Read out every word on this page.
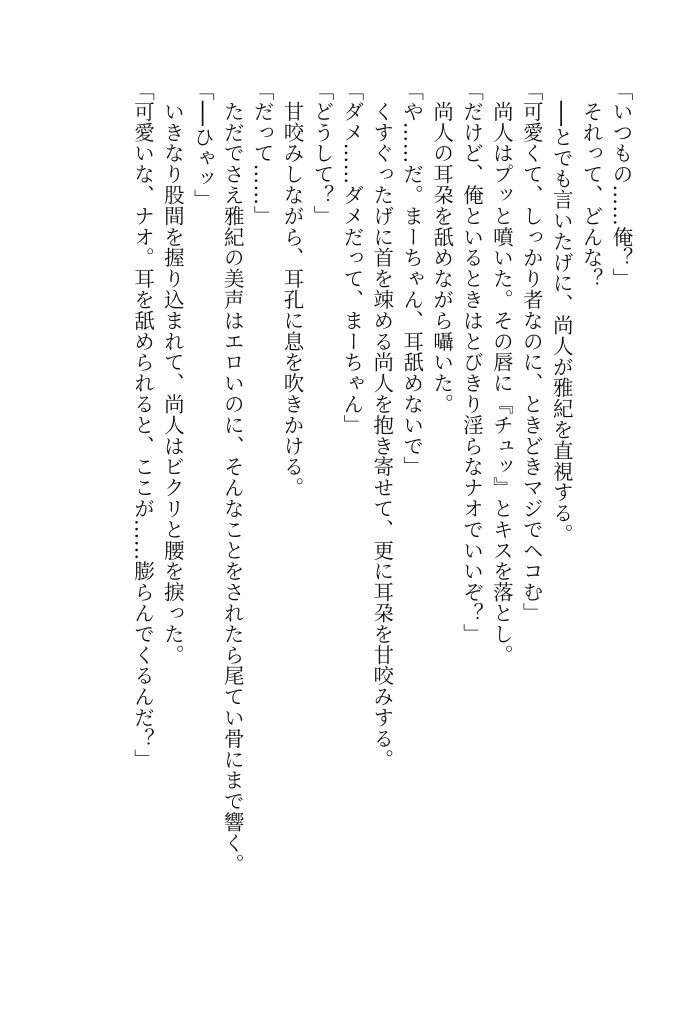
「いつもの……俺？」
　それって、どんな？
　──とでも言いたげに、尚人が雅紀を直視する。
「可愛くて、しっかり者なのに、ときどきマジでヘコむ」
　尚人はプッと噴いた。その唇に『チュッ』とキスを落とし。
「だけど、俺といるときはとびきり淫らなナオでいいぞ？」
　尚人の耳朶を舐めながら囁いた。
「や……だ。まーちゃん、耳舐めないで」
　くすぐったげに首を竦める尚人を抱き寄せて、更に耳朶を甘咬みする。
「ダメ……ダメだって、まーちゃん」
「どうして？」
　甘咬みしながら、耳孔に息を吹きかける。
「だって……」
　ただでさえ雅紀の美声はエロいのに、そんなことをされたら尾てい骨にまで響く。
「──ひゃッ」
　いきなり股間を握り込まれて、尚人はビクリと腰を捩った。
「可愛いな、ナオ。耳を舐められると、ここが……膨らんでくるんだ？」
